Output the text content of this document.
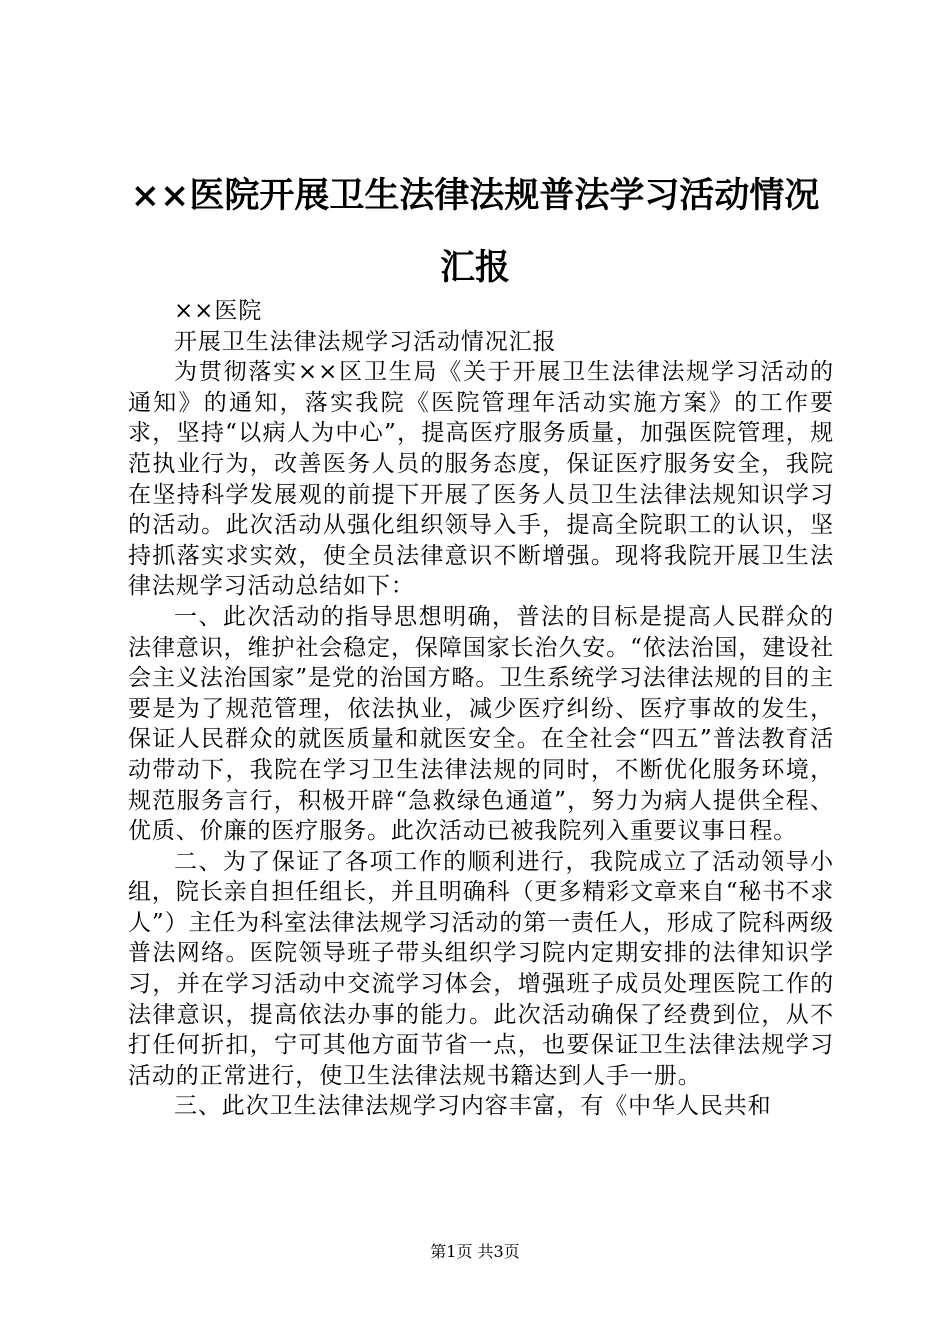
××医院开展卫生法律法规普法学习活动情况汇报

××医院

开展卫生法律法规学习活动情况汇报

为贯彻落实××区卫生局《关于开展卫生法律法规学习活动的通知》的通知，落实我院《医院管理年活动实施方案》的工作要求，坚持“以病人为中心”，提高医疗服务质量，加强医院管理，规范执业行为，改善医务人员的服务态度，保证医疗服务安全，我院在坚持科学发展观的前提下开展了医务人员卫生法律法规知识学习的活动。此次活动从强化组织领导入手，提高全院职工的认识，坚持抓落实求实效，使全员法律意识不断增强。现将我院开展卫生法律法规学习活动总结如下：

一、此次活动的指导思想明确，普法的目标是提高人民群众的法律意识，维护社会稳定，保障国家长治久安。“依法治国，建设社会主义法治国家”是党的治国方略。卫生系统学习法律法规的目的主要是为了规范管理，依法执业，减少医疗纠纷、医疗事故的发生，保证人民群众的就医质量和就医安全。在全社会“四五”普法教育活动带动下，我院在学习卫生法律法规的同时，不断优化服务环境，规范服务言行，积极开辟“急救绿色通道”，努力为病人提供全程、优质、价廉的医疗服务。此次活动已被我院列入重要议事日程。

二、为了保证了各项工作的顺利进行，我院成立了活动领导小组，院长亲自担任组长，并且明确科（更多精彩文章来自“秘书不求人”）主任为科室法律法规学习活动的第一责任人，形成了院科两级普法网络。医院领导班子带头组织学习院内定期安排的法律知识学习，并在学习活动中交流学习体会，增强班子成员处理医院工作的法律意识，提高依法办事的能力。此次活动确保了经费到位，从不打任何折扣，宁可其他方面节省一点，也要保证卫生法律法规学习活动的正常进行，使卫生法律法规书籍达到人手一册。

三、此次卫生法律法规学习内容丰富，有《中华人民共和

第1页 共3页
